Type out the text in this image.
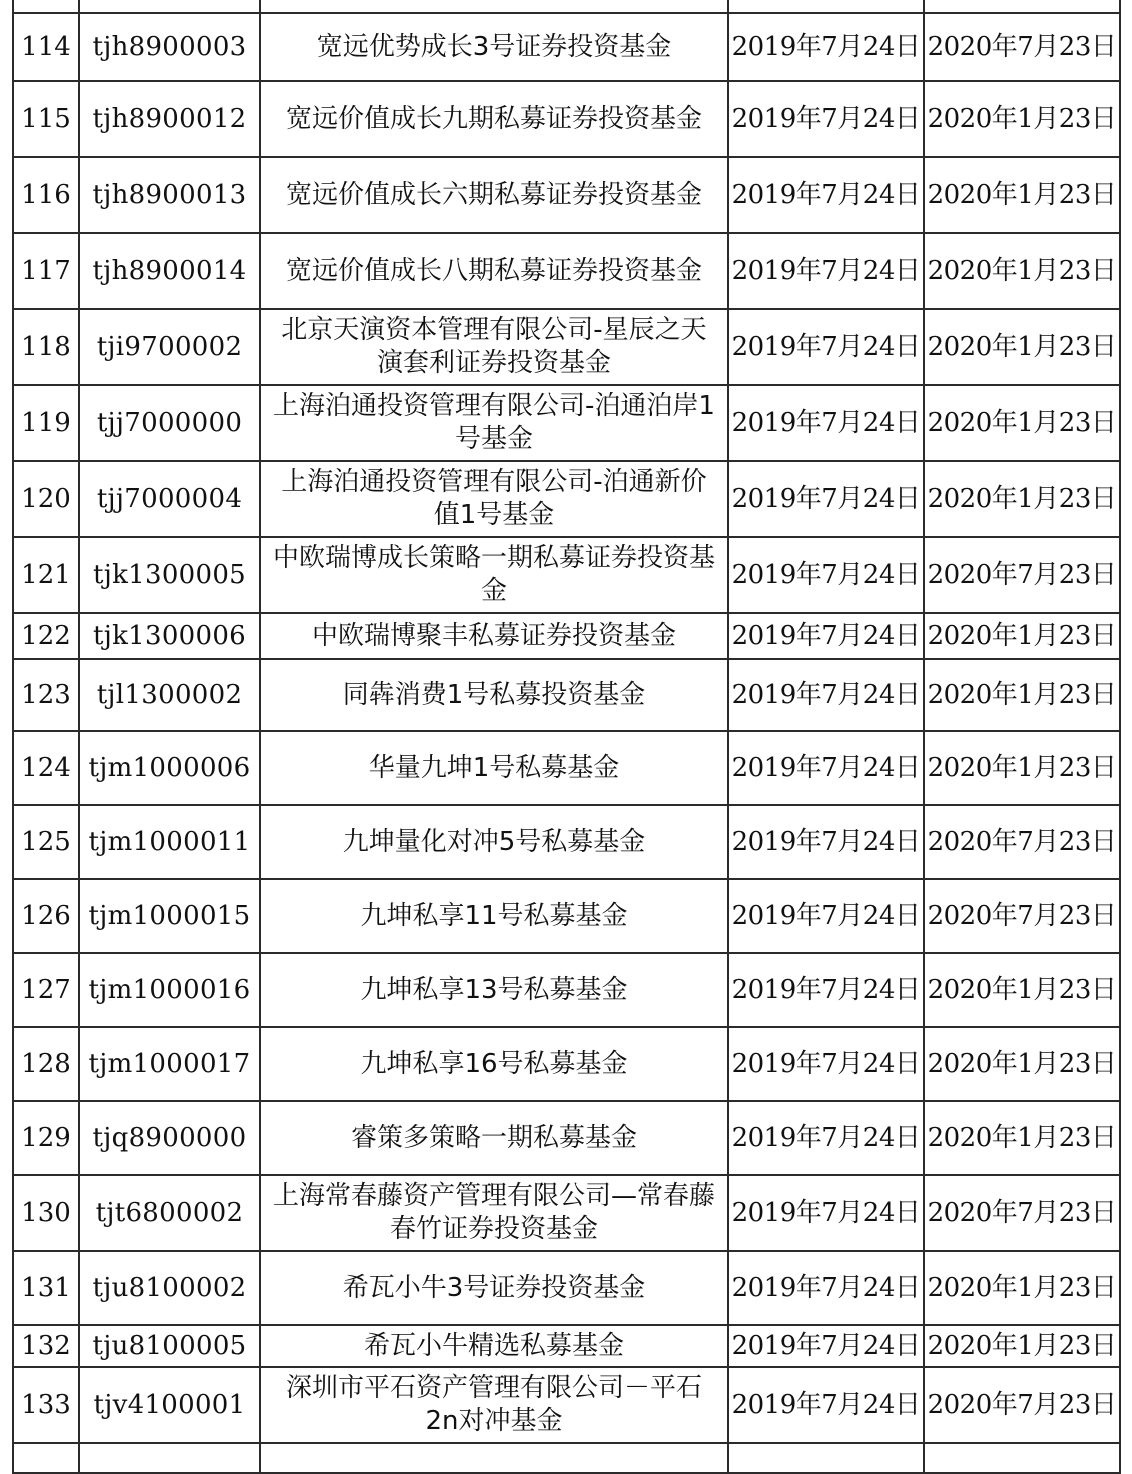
114	tjh8900003	宽远优势成长3号证券投资基金	2019年7月24日	2020年7月23日
115	tjh8900012	宽远价值成长九期私募证券投资基金	2019年7月24日	2020年1月23日
116	tjh8900013	宽远价值成长六期私募证券投资基金	2019年7月24日	2020年1月23日
117	tjh8900014	宽远价值成长八期私募证券投资基金	2019年7月24日	2020年1月23日
118	tji9700002	北京天演资本管理有限公司-星辰之天演套利证券投资基金	2019年7月24日	2020年1月23日
119	tjj7000000	上海泊通投资管理有限公司-泊通泊岸1号基金	2019年7月24日	2020年1月23日
120	tjj7000004	上海泊通投资管理有限公司-泊通新价值1号基金	2019年7月24日	2020年1月23日
121	tjk1300005	中欧瑞博成长策略一期私募证券投资基金	2019年7月24日	2020年7月23日
122	tjk1300006	中欧瑞博聚丰私募证券投资基金	2019年7月24日	2020年1月23日
123	tjl1300002	同犇消费1号私募投资基金	2019年7月24日	2020年1月23日
124	tjm1000006	华量九坤1号私募基金	2019年7月24日	2020年1月23日
125	tjm1000011	九坤量化对冲5号私募基金	2019年7月24日	2020年7月23日
126	tjm1000015	九坤私享11号私募基金	2019年7月24日	2020年7月23日
127	tjm1000016	九坤私享13号私募基金	2019年7月24日	2020年1月23日
128	tjm1000017	九坤私享16号私募基金	2019年7月24日	2020年1月23日
129	tjq8900000	睿策多策略一期私募基金	2019年7月24日	2020年1月23日
130	tjt6800002	上海常春藤资产管理有限公司—常春藤春竹证券投资基金	2019年7月24日	2020年7月23日
131	tju8100002	希瓦小牛3号证券投资基金	2019年7月24日	2020年1月23日
132	tju8100005	希瓦小牛精选私募基金	2019年7月24日	2020年1月23日
133	tjv4100001	深圳市平石资产管理有限公司－平石2n对冲基金	2019年7月24日	2020年7月23日
